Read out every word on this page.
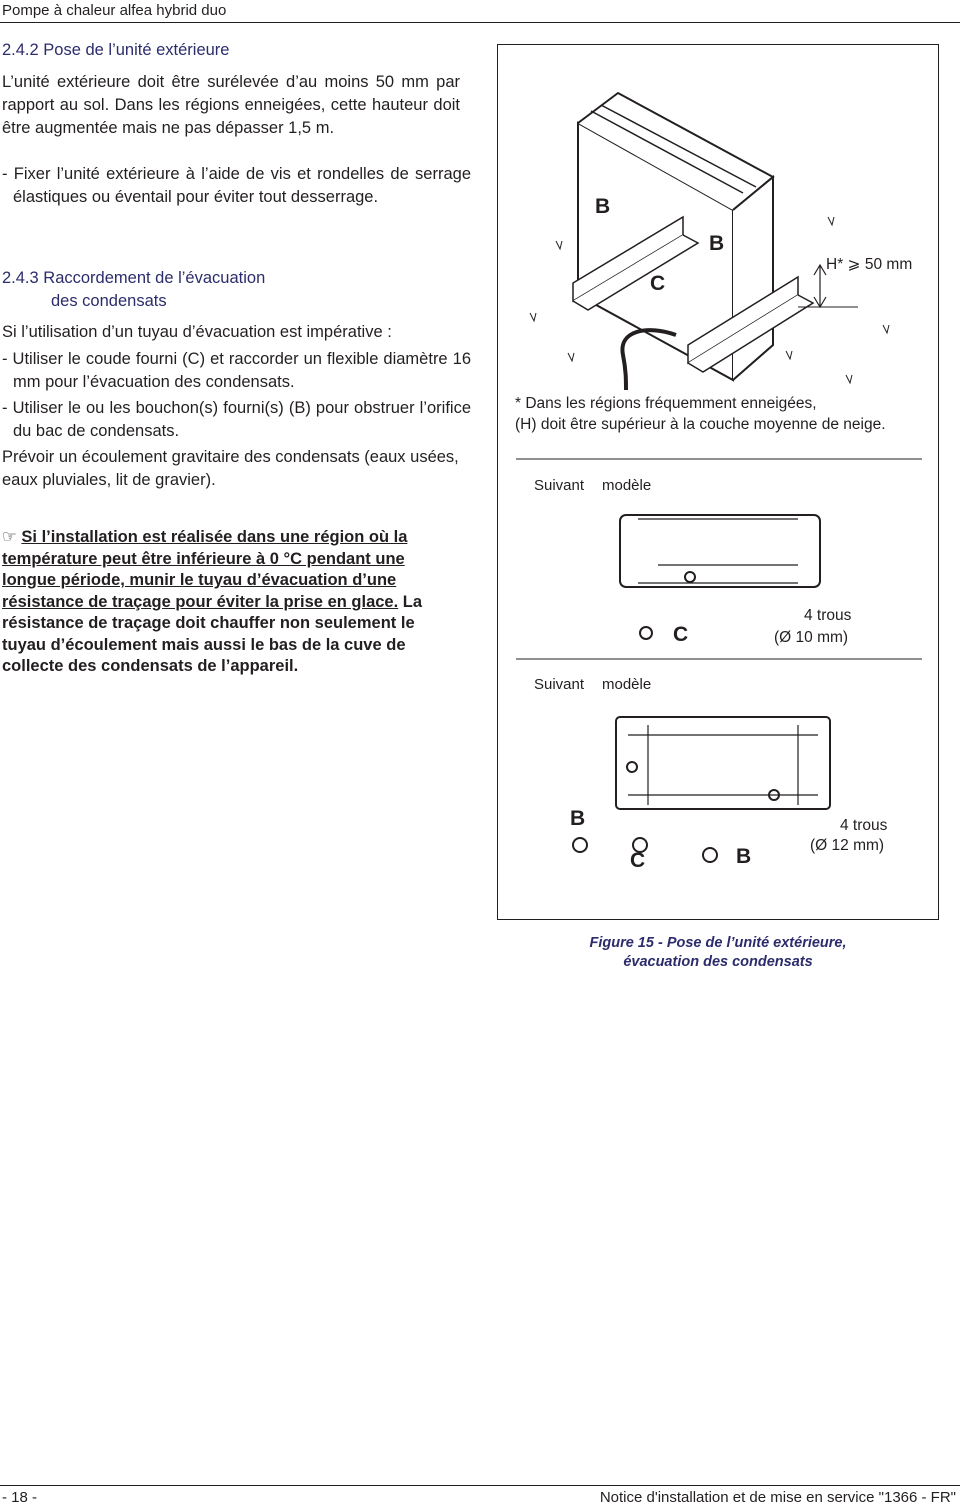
Pompe à chaleur alfea hybrid duo
2.4.2 Pose de l’unité extérieure
L’unité extérieure doit être surélevée d’au moins 50 mm par rapport au sol. Dans les régions enneigées, cette hauteur doit être augmentée mais ne pas dépasser 1,5 m.
- Fixer l’unité extérieure à l’aide de vis et rondelles de serrage élastiques ou éventail pour éviter tout desserrage.
2.4.3 Raccordement de l’évacuation
des condensats
Si l’utilisation d’un tuyau d’évacuation est impérative :
- Utiliser le coude fourni (C) et raccorder un flexible diamètre 16 mm pour l’évacuation des condensats.
- Utiliser le ou les bouchon(s) fourni(s) (B) pour obstruer l’orifice du bac de condensats.
Prévoir un écoulement gravitaire des condensats (eaux usées, eaux pluviales, lit de gravier).
☞ Si l’installation est réalisée dans une région où la température peut être inférieure à 0 °C pendant une longue période, munir le tuyau d’évacuation d’une résistance de traçage pour éviter la prise en glace. La résistance de traçage doit chauffer non seulement le tuyau d’écoulement mais aussi le bas de la cuve de collecte des condensats de l’appareil.
B
B
C
H* ⩾ 50 mm
* Dans les régions fréquemment enneigées,
(H) doit être supérieur à la couche moyenne de neige.
Suivant modèle
C
4 trous
(Ø 10 mm)
Suivant modèle
B
C	B
4 trous
(Ø 12 mm)
Figure 15 - Pose de l’unité extérieure,
évacuation des condensats
- 18 -	Notice d'installation et de mise en service "1366 - FR"
